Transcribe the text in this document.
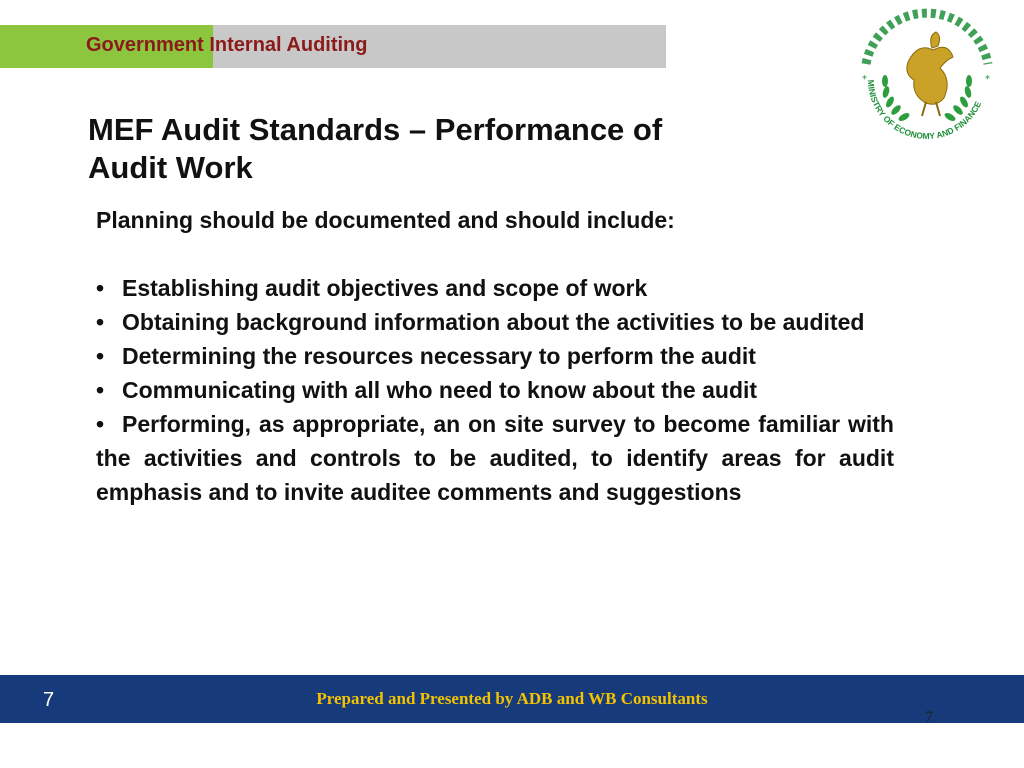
Government Internal Auditing
MINISTRY OF ECONOMY AND FINANCE
*	*
MEF Audit Standards – Performance of Audit Work

Planning should be documented and should include:

• Establishing audit objectives and scope of work

• Obtaining background information about the activities to be audited

• Determining the resources necessary to perform the audit

• Communicating with all who need to know about the audit

• Performing, as appropriate, an on site survey to become familiar with the activities and controls to be audited, to identify areas for audit emphasis and to invite auditee comments and suggestions

7	Prepared and Presented by ADB and WB Consultants
7
